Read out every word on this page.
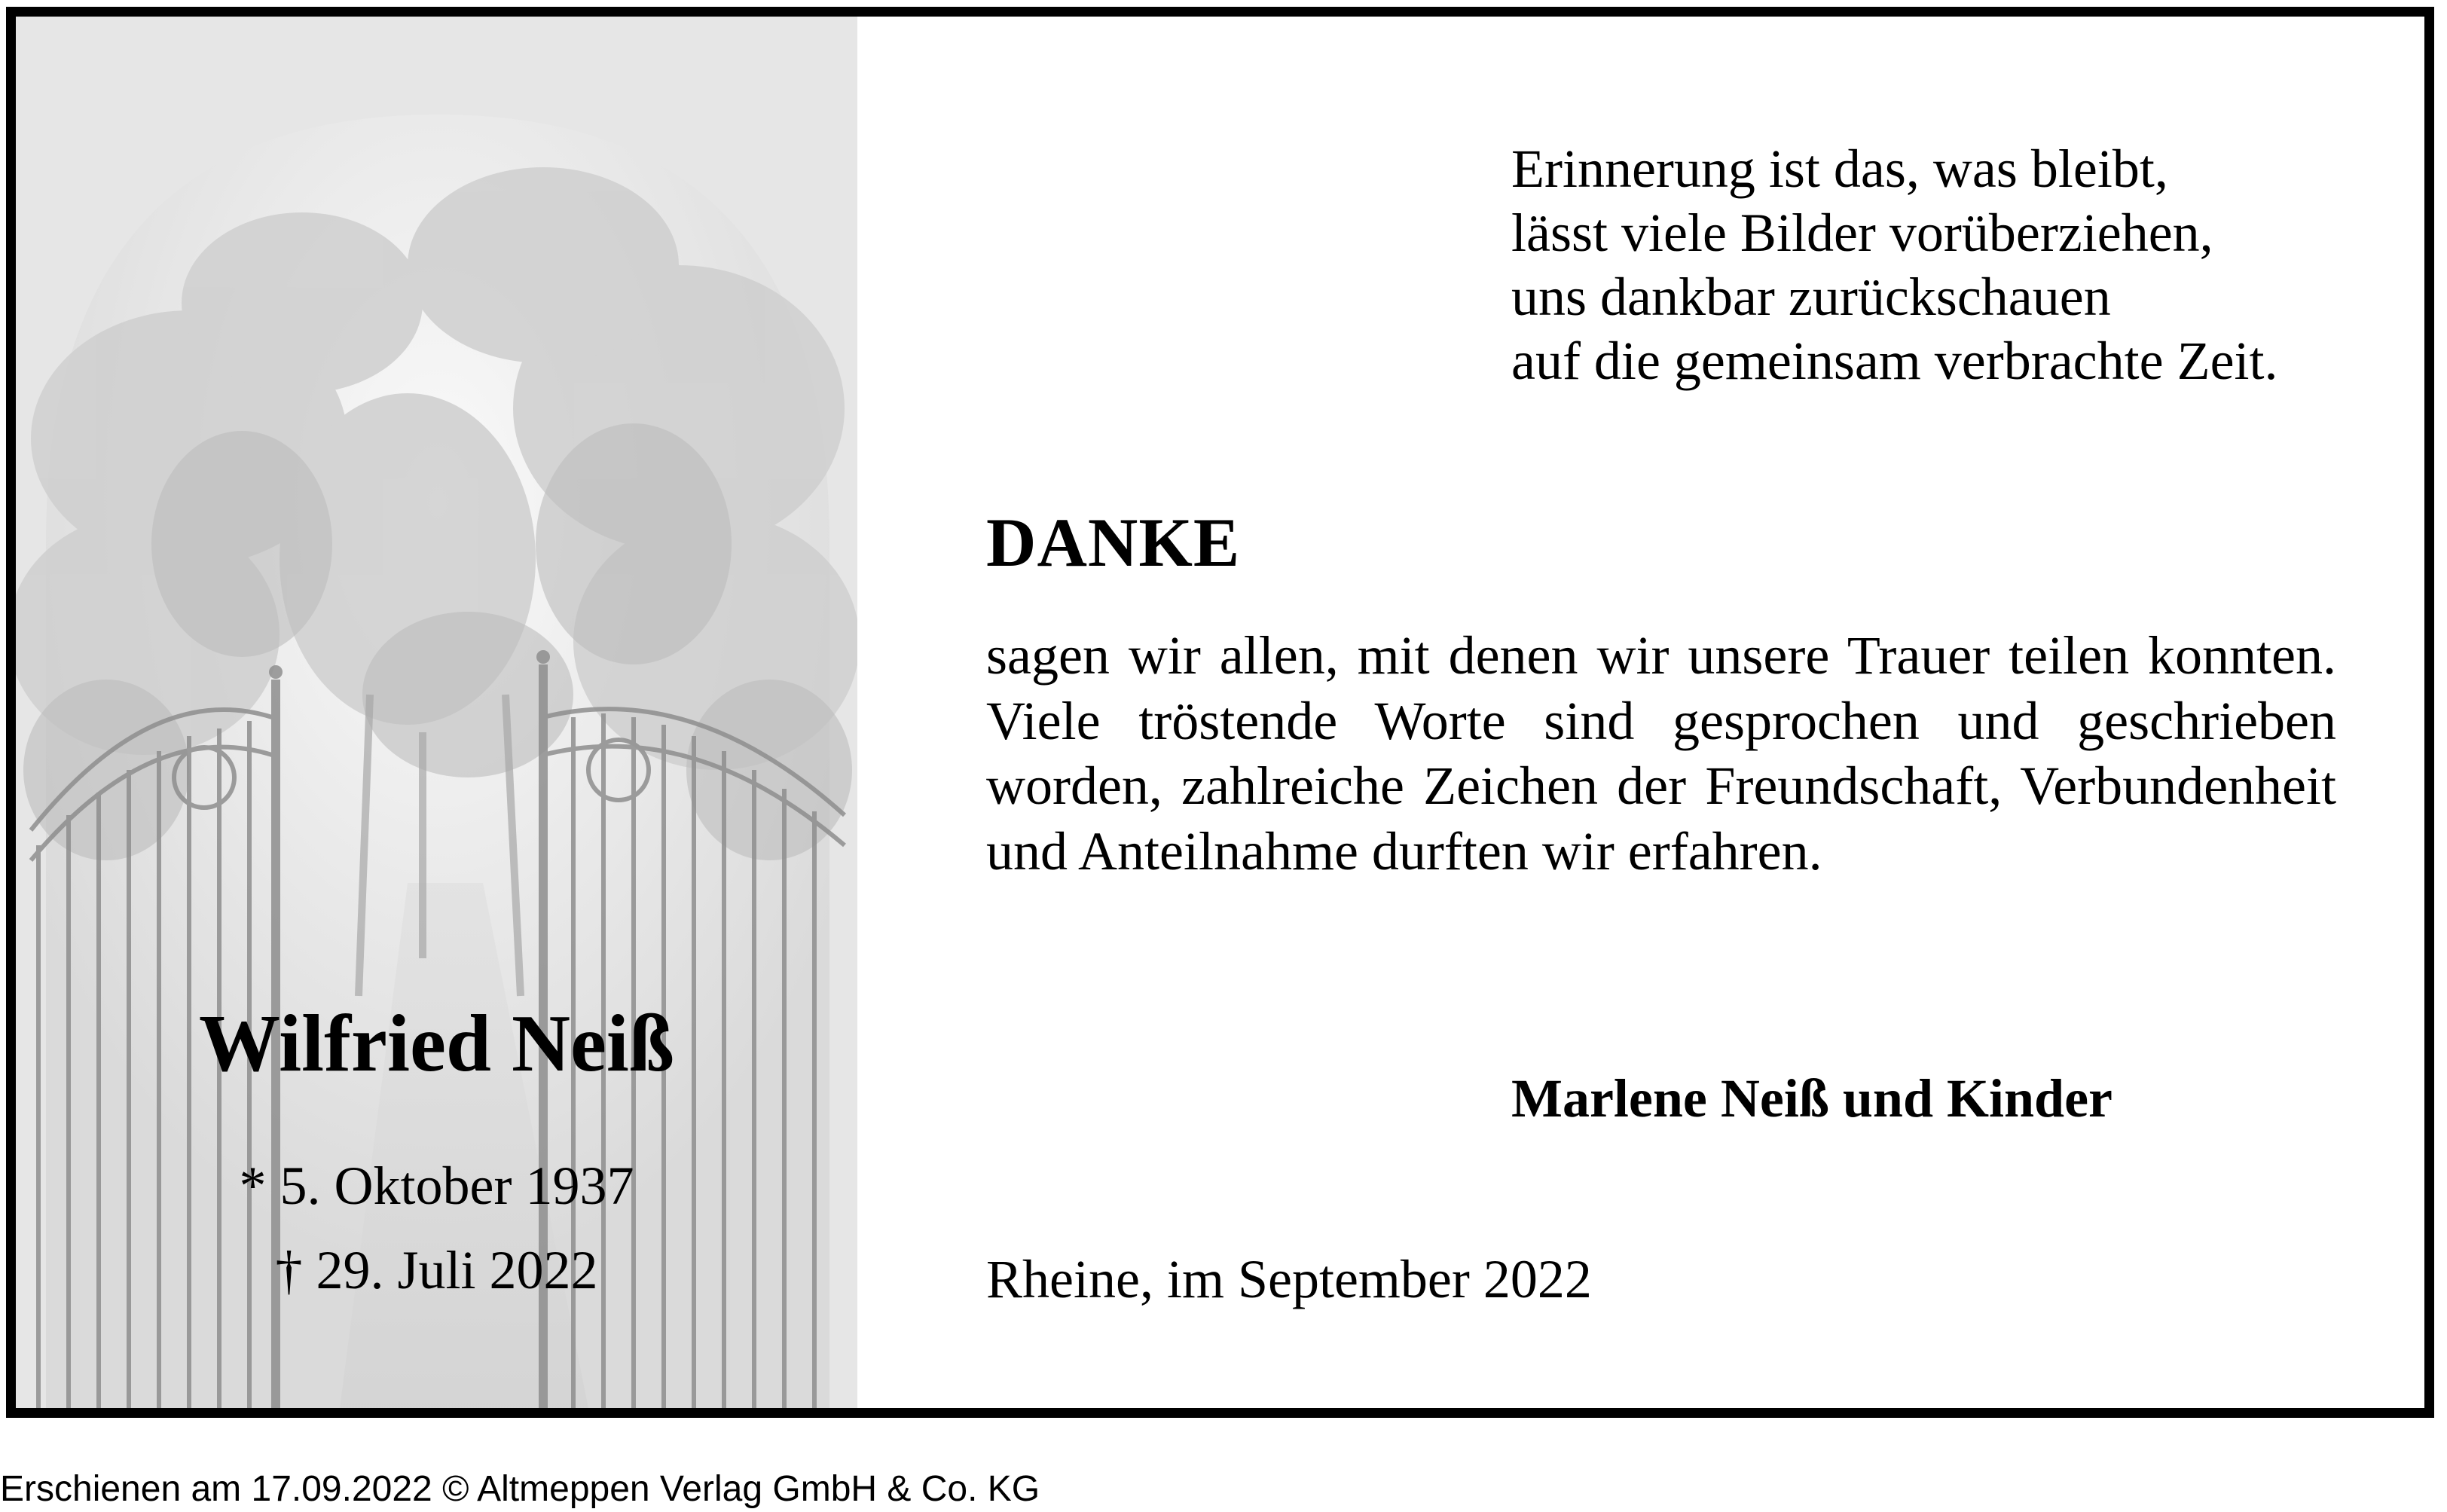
Wilfried Neiß
* 5. Oktober 1937
† 29. Juli 2022
Erinnerung ist das, was bleibt,
lässt viele Bilder vorüberziehen,
uns dankbar zurückschauen
auf die gemeinsam verbrachte Zeit.
DANKE
sagen wir allen, mit denen wir unsere Trauer teilen konnten. Viele tröstende Worte sind gesprochen und geschrieben worden, zahlreiche Zeichen der Freundschaft, Verbundenheit und Anteilnahme durften wir erfahren.
Marlene Neiß und Kinder
Rheine, im September 2022
Erschienen am 17.09.2022 © Altmeppen Verlag GmbH & Co. KG
